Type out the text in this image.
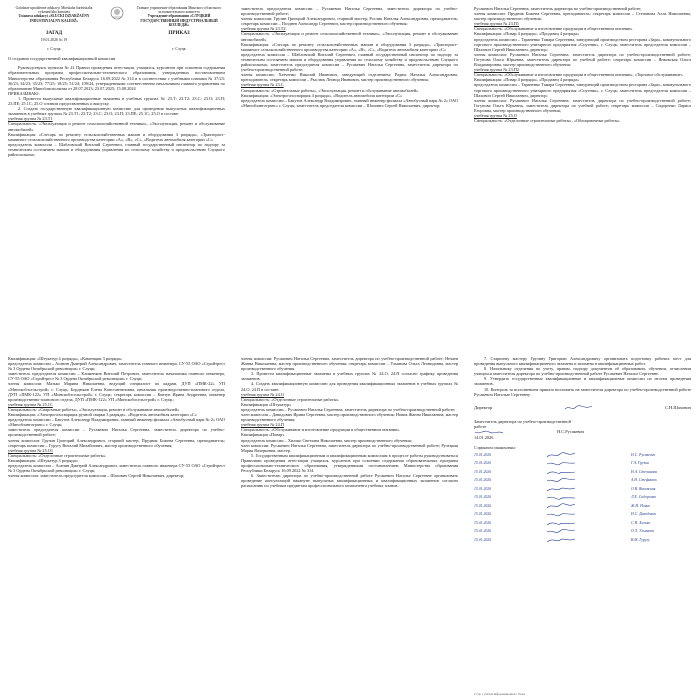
Galoŭnae upraŭlenne adukacyi Minskaha hareŭskaha vykanaŭčaha kamiteta
Ustanova adukacyi «SLUCKI DZIARŽAŬNY INDUSTRYJALNY KALEDŽ»
Главное управление образования Минского областного исполнительного комитета
Учреждение образования «СЛУЦКИЙ ГОСУДАРСТВЕННЫЙ ИНДУСТРИАЛЬНЫЙ КОЛЛЕДЖ»
ЗАГАД	ПРИКАЗ
19.01.2026 № 19
г. Слуцк	г. Слуцк
О создании государственной квалификационной комиссии

Руководствуясь пунктом № 41 Правил проведения аттестации, учащихся, курсантов при освоении содержания образовательных программ профессионально-технического образования, утвержденных постановлением Министерства образования Республики Беларусь 16.09.2022 № 314 и в соответствии с учебными планами № 37/23; 36/23; 34/23; 35/23; 77/25; 18/25; 51/24; 109/24, утвержденными соответственно начальником главного управления по образованию Миноблисполкома от 28.07.2023; 23.07.2025; 15.08.2024

ПРИКАЗЫВАЮ:

1. Провести выпускные квалификационные экзамены в учебных группах № 23.Т; 23.Т2; 23.С; 23.О; 23.П; 23.ПЕ; 25.1С; 25.О сотавом представленных к выпуску.

2. Создать государственную квалификационную комиссию для проведения выпускных квалификационных экзаменов в учебных группах № 23.Т1; 23.Т2; 23.С; 23.О; 23.П; 23.ПЕ; 25.1С; 25.О в составе:

учебная группа № 23.Т1

Специальность: «Эксплуатация и ремонт сельскохозяйственной техники», «Эксплуатация, ремонт и обслуживание автомобилей»

Квалификация: «Слесарь по ремонту сельскохозяйственных машин и оборудования 3 разряда», «Тракторист-машинист сельскохозяйственного производства категории «А», «В», «С», «Водитель автомобиля категории «С»

председатель комиссии – Шабловский Виталий Сергеевич, главный государственный инспектор по надзору за техническим состоянием машин и оборудования управления по сельскому хозяйству и продовольствию Слуцкого райисполкома;

заместитель председателя комиссии – Русакевич Наталья Сергеевна, заместитель директора по учебно-производственной работе;

члены комиссии: Грузин Григорий Александрович, старший мастер; Рослик Наталья Александровна, преподаватель; секретарь комиссии – Позднев Александр Сергеевич, мастер производственного обучения;

учебная группа № 23.Т2

Специальность: «Эксплуатация и ремонт сельскохозяйственной техники», «Эксплуатация, ремонт и обслуживание автомобилей»

Квалификация: «Слесарь по ремонту сельскохозяйственных машин и оборудования 3 разряда», «Тракторист-машинист сельскохозяйственного производства категории «А», «В», «С», «Водитель автомобиля категории «С»

председатель комиссии – Шабловский Виталий Сергеевич, главный государственный инспектор по надзору за техническим состоянием машин и оборудования управления по сельскому хозяйству и продовольствию Слуцкого райисполкома; заместитель председателя комиссии – Русакевич Наталья Сергеевна, заместитель директора по учебно-производственной работе;

члены комиссии: Хатченко Николай Иванович, заведующий отделением; Радюк Наталья Александровна, преподаватель; секретарь комиссии – Рыслюк Леонид Иванович, мастер производственного обучения;

учебная группа № 23.С

Специальность: «Строительные работы», «Эксплуатация, ремонт и обслуживание автомобилей»

Квалификация: «Электрогазосварщик 4 разряда», «Водитель автомобиля категории «С»

председатель комиссии – Бакутов Александр Владимирович, главный инженер филиала «Автобусный парк № 2» ОАО «Миноблавтотранс» г. Слуцк; заместитель председателя комиссии – Шахович Сергей Николаевич, директор;

Русакевич Наталья Сергеевна, заместитель директора по учебно-производственной работе;

члены комиссии: Прудник Божена Сергеевна, преподаватель; секретарь комиссии – Степанова Алла Николаевна, мастер производственного обучения;

учебная группа № 23.П1

Специальность: «Обслуживание и изготовление продукции в общественном питании»

Квалификация: «Повар 4 разряда», «Продавец 4 разряда»

председатель комиссии – Тараненко Тамара Сергеевна, заведующий производством ресторана «Зара», коммунального торгового производственного унитарного предприятия «Спутник», г. Слуцк; заместитель председателя комиссии – Шахович Сергей Николаевич, директор;

члены комиссии: Русакевич Наталья Сергеевна, заместитель директора по учебно-производственной работе; Гогунова Ольга Юрьевна, заместитель директора по учебной работе; секретарь комиссии – Янковская Ольга Владимировна, мастер производственного обучения;

учебная группа № 23.П2

Специальность: «Обслуживание и изготовление продукции в общественном питании», «Торговое обслуживание»

Квалификация: «Повар 4 разряда», «Продавец 4 разряда»

председатель комиссии – Тараненко Тамара Сергеевна, заведующий производством ресторана «Зара», коммунального торгового производственного унитарного предприятия «Спутник», г. Слуцк; заместитель председателя комиссии – Шахович Сергей Николаевич, директор;

члены комиссии: Русакевич Наталья Сергеевна, заместитель директора по учебно-производственной работе; Гогунова Ольга Юрьевна, заместитель директора по учебной работе; секретарь комиссии – Сидоренко Лариса Егоровна, мастер производственного обучения;

учебная группа № 25.О

Специальность: «Отделочные строительные работы», «Облицовочные работы»

Квалификация: «Штукатур 4 разряда», «Каменщик 3 разряда»

председатель комиссии – Асанин Дмитрий Александрович, заместитель главного инженера, СУ-55 ОАО «Стройтрест № 3 Ордена Октябрьской революции» г. Слуцк;

заместитель председателя комиссии – Клименков Виталий Петрович, заместитель начальника главного инженера, СУ-55 ОАО «Стройтрест № 3 Ордена Октябрьской революции» г. Слуцк;

члены комиссии: Мазько Марина Николаевна, ведущий специалист по кадрам, ДУП «ПМК-22» УП «Минскоблсельстрой» г. Слуцк; Бордюков Елена Константиновна, начальник производственно-планового отдела, ДУП «ПМК-122» УП «Минскоблсельстрой» г. Слуцк; секретарь комиссии – Ковтун Ирина Андреевна, инженер производственно-планового отдела, ДУП «ПМК-122» УП «Минскоблсельстрой» г. Слуцк;

учебная группа № 25.1С

Специальность: «Сварочные работы», «Эксплуатация, ремонт и обслуживание автомобилей»

Квалификация: «Электрогазосварщик ручной сварки 3 разряда», «Водитель автомобиля категории «С»

председатель комиссии – Бакутов Александр Владимирович, главный инженер филиала «Автобусный парк № 2» ОАО «Миноблавтотранс» г. Слуцк;

заместитель председателя комиссии – Русакевич Наталья Сергеевна, заместитель директора по учебно-производственной работе;

члены комиссии: Грузин Григорий Александрович, старший мастер; Прудник Божена Сергеевна, преподаватель; секретарь комиссии – Гуругу Виталий Михайлович, мастер производственного обучения;

учебная группа № 25.О1

Специальность: «Отделочные строительные работы»

Квалификация: «Штукатур 3 разряда»

председатель комиссии – Асанин Дмитрий Александрович, заместитель главного инженера СУ-55 ОАО «Стройтрест № 3 Ордена Октябрьской революции» г. Слуцк;

члены комиссии: заместитель председателя комиссии – Шахович Сергей Николаевич, директор;

члены комиссии: Русакевич Наталья Сергеевна, заместитель директора по учебно-производственной работе; Нечаев Жанна Николаевна, мастер производственного обучения; секретарь комиссии – Ульянова Ольга Леонидовна, мастер производственного обучения.

3. Провести квалификационные экзамены в учебных группах № 24.О, 24.П согласно графику проведения экзаменов.

4. Создать квалификационную комиссию для проведения квалификационных экзаменов в учебных группах № 24.О, 24.П в составе:

учебная группа № 24.О

Специальность: «Отделочные строительные работы»

Квалификация «Штукатур»

председатель комиссии – Русакевич Наталья Сергеевна, заместитель директора по учебно-производственной работе;

член комиссии – Давидович Ирина Сергеевна, мастер производственного обучения; Новик Жанна Николаевна, мастер производственного обучения;

учебная группа № 24.П

Специальность: «Обслуживание и изготовление продукции в общественном питании»

Квалификация «Повар»

председатель комиссии – Хилько Светлана Николаевна, мастер производственного обучения;

член комиссии: Русакевич Наталья Сергеевна, заместитель директора по учебно-производственной работе; Рулецкая Мария Валерьевна, мастер.

5. Государственным квалификационным и квалификационным комиссиям в процессе работы руководствоваться Правилами проведения аттестации учащихся, курсантов при освоении содержания образовательных программ профессионально-технического образования, утвержденными постановлением Министерства образования Республики Беларусь 16.09.2022 № 314.

6. Заместителю директора по учебно-производственной работе Русакевич Наталье Сергеевне организовать проведение консультаций накануне выпускных квалификационных и квалификационных экзаменов согласно расписанию по учебным предметам профессионального компонента учебных планов.

7. Старшему мастеру Грузину Григорию Александровичу организовать подготовку рабочих мест для проведения выпускного квалификационного экзамена и экзамена в квалификационных работ.

8. Начальнику отделения по учету, правам, надзору документов об образовании, обучении, отчислении учащихся заместителя директора по учебно-производственной работе Русакевич Наталье Сергеевне.

9. Утвердить государственные квалификационные и квалификационные комиссии по итогам проведения экзаменов.

10. Контроль за исполнением приказа возложить на заместителя директора по учебно-производственной работе Русакевич Наталью Сергеевну.

Директор	С.Н.Шахович
Заместитель директора по учебно-производственной работе
Н.С.Русакевич
14.01.2026
С приказом ознакомлены:
15.01.2026	Н.С. Русакевич
15.01.2026	Г.А. Грузин
15.01.2026	Н.А. Степанова
15.01.2026	А.Н. Стефанюк
15.01.2026	О.В. Янковская
15.01.2026	Л.Е. Сидоренко
15.01.2026	Ж.Н. Новик
15.01.2026	И.С. Давидович
15.01.2026	С.Н. Хилько
15.01.2026	О.Л. Ульянова
15.01.2026	В.М. Гуругу
2 стр. с учётом информационного блока
